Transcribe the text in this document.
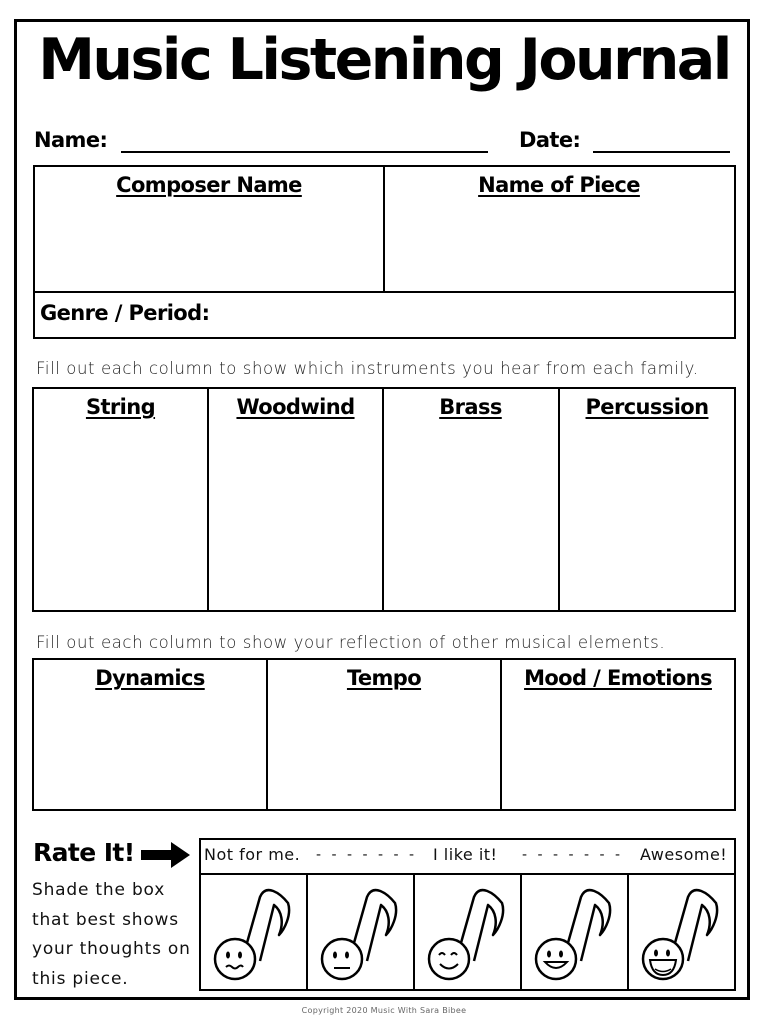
Music Listening Journal
Name:	Date:
Composer Name	Name of Piece
Genre / Period:
Fill out each column to show which instruments you hear from each family.
String	Woodwind	Brass	Percussion
Fill out each column to show your reflection of other musical elements.
Dynamics	Tempo	Mood / Emotions
Rate It!
Shade the box that best shows your thoughts on this piece.
Not for me. - - - - - - - I like it! - - - - - - - Awesome!
Copyright 2020 Music With Sara Bibee
